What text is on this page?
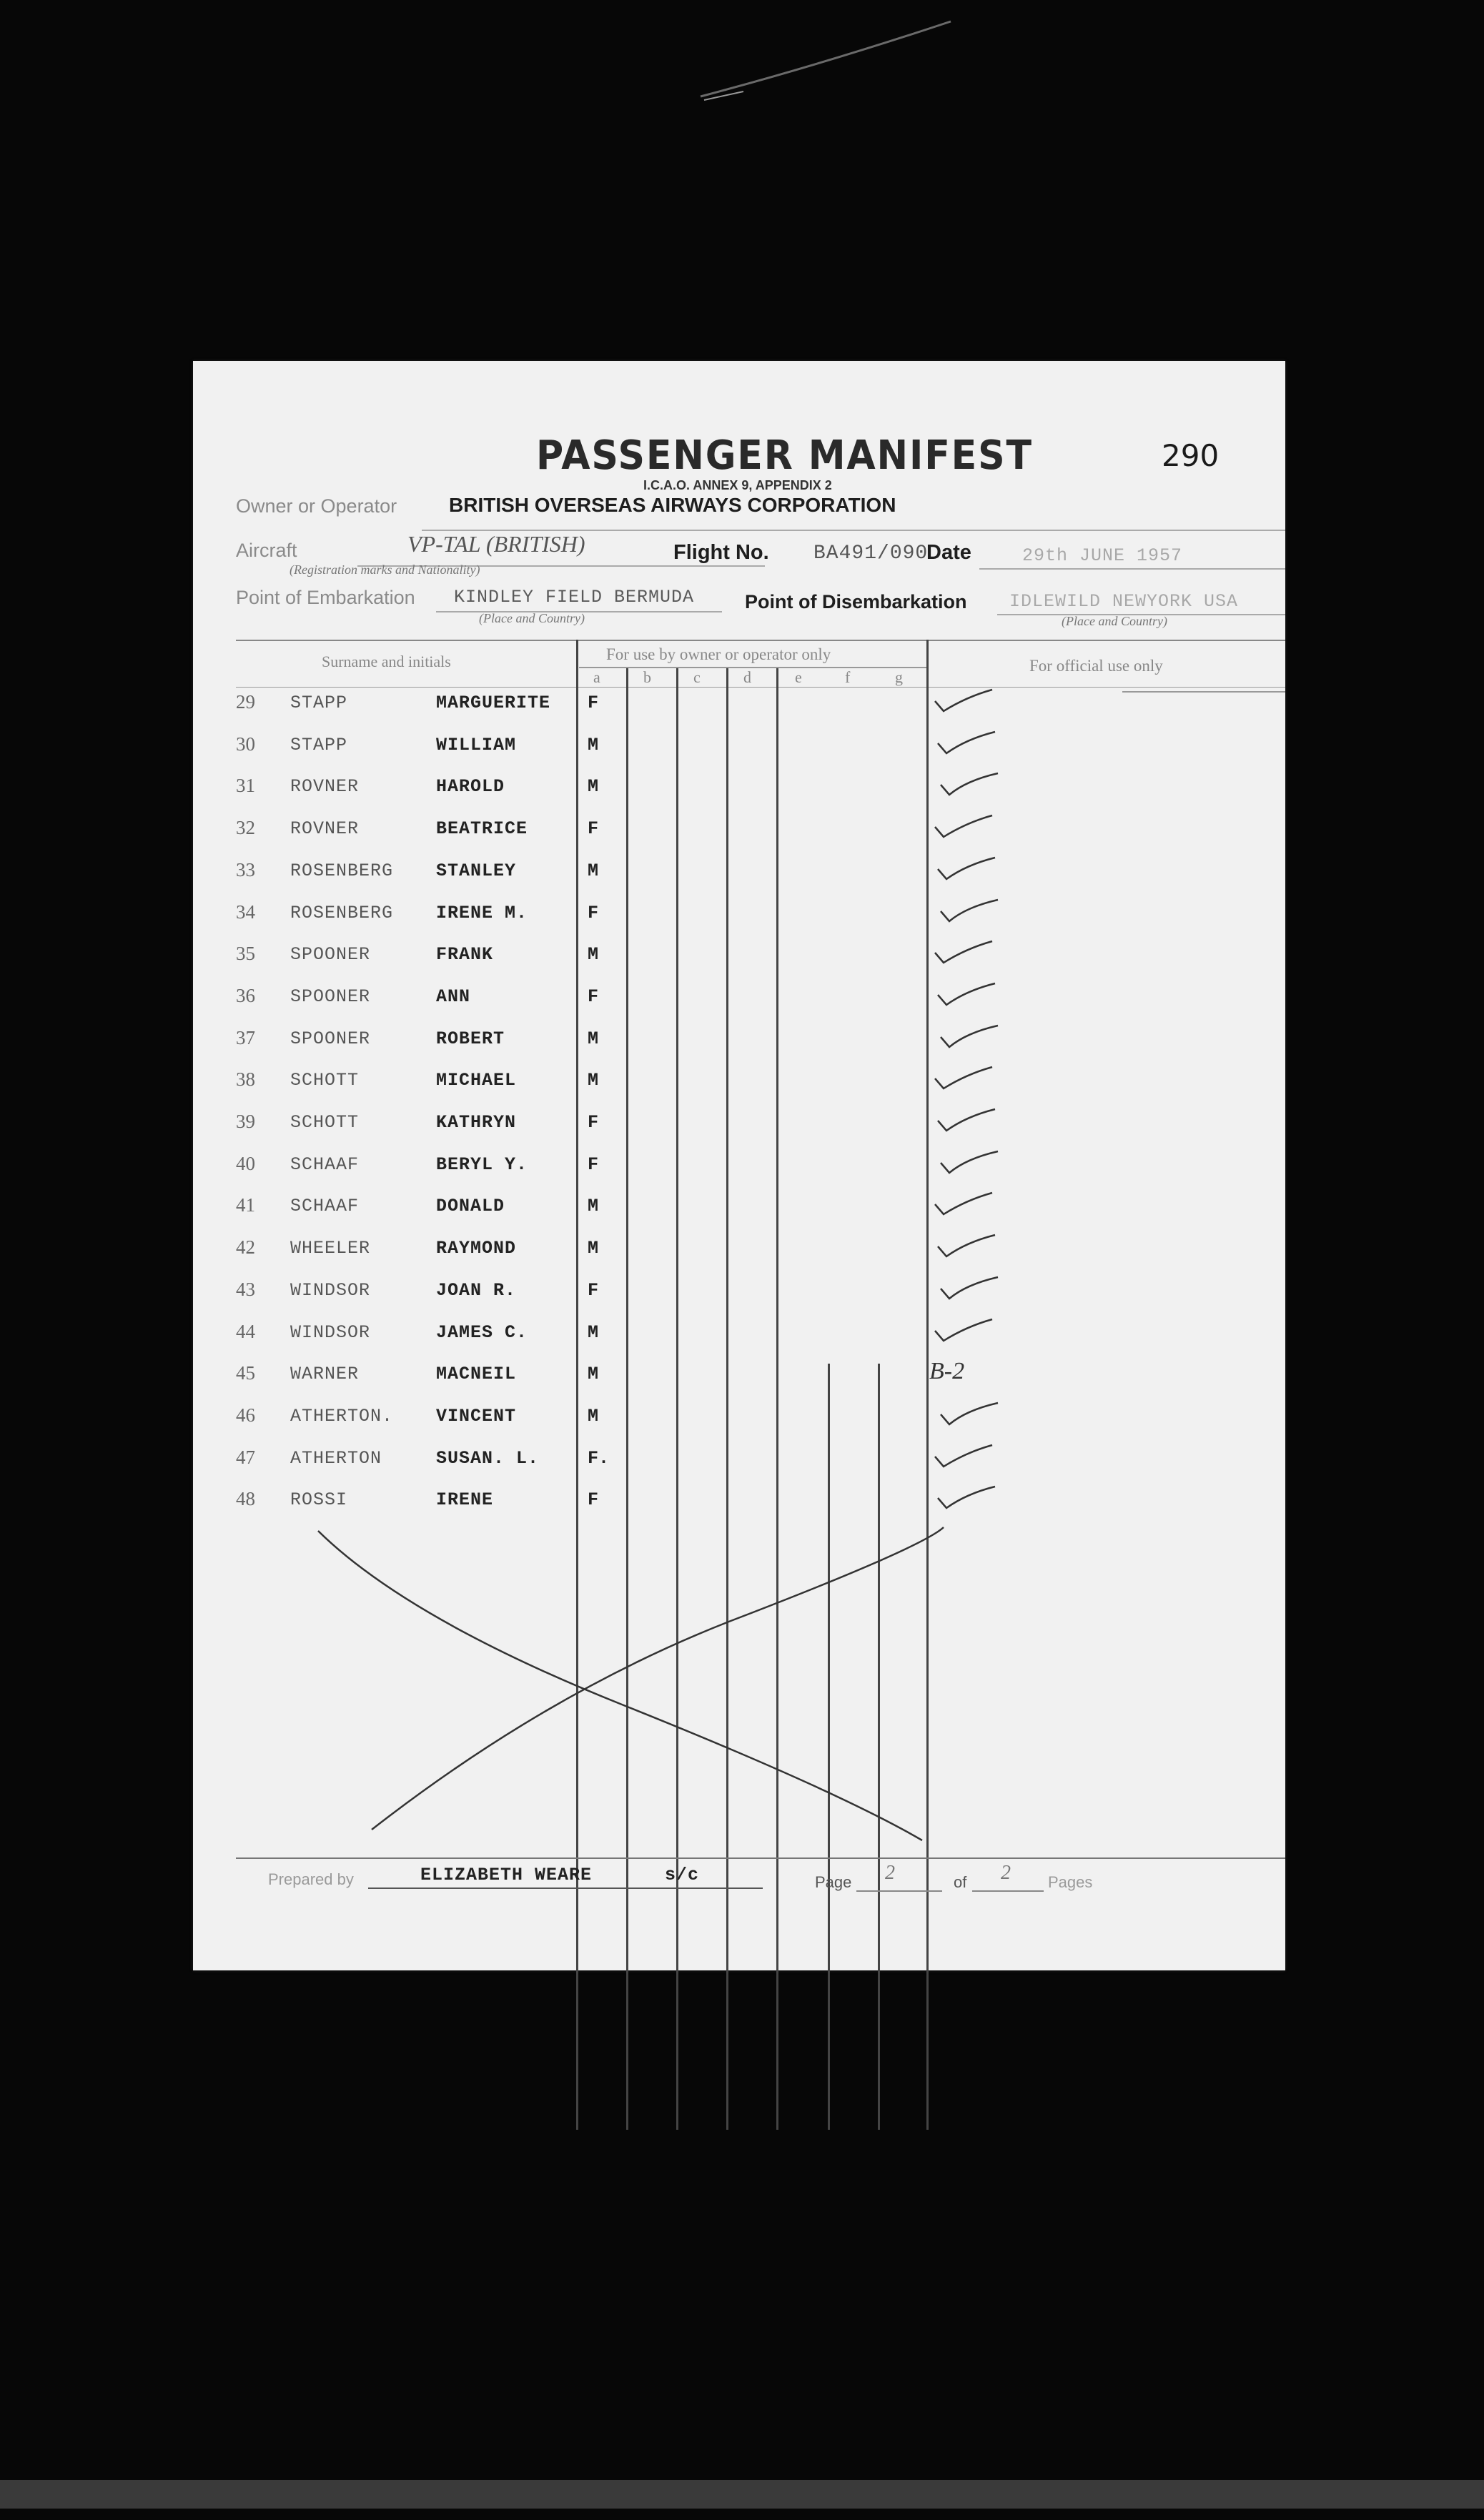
PASSENGER MANIFEST
I.C.A.O. ANNEX 9, APPENDIX 2
290
Owner or Operator	BRITISH OVERSEAS AIRWAYS CORPORATION
Aircraft	VP-TAL (BRITISH)
(Registration marks and Nationality)
Flight No. BA491/090
Date	29th JUNE 1957
Point of Embarkation KINDLEY FIELD BERMUDA
(Place and Country)
Point of Disembarkation IDLEWILD NEWYORK USA
(Place and Country)
Surname and initials	For use by owner or operator only
For official use only
a	b	c	d	e	f	g
29 STAPP	MARGUERITE F
30 STAPP	WILLIAM	M
31 ROVNER	HAROLD	M
32 ROVNER	BEATRICE	F
33 ROSENBERG STANLEY	M
34 ROSENBERG IRENE M.	F
35 SPOONER	FRANK	M
36 SPOONER	ANN	F
37 SPOONER	ROBERT	M
38 SCHOTT	MICHAEL	M
39 SCHOTT	KATHRYN	F
40 SCHAAF	BERYL Y.	F
41 SCHAAF	DONALD	M
42 WHEELER	RAYMOND	M
43 WINDSOR	JOAN R.	F
44 WINDSOR	JAMES C.	M
45 WARNER	MACNEIL	M	B-2
46 ATHERTON. VINCENT	M
47 ATHERTON	SUSAN. L.	F.
48 ROSSI	IRENE	F
Prepared by	ELIZABETH WEARE	s/c	Page 2	of 2 Pages
